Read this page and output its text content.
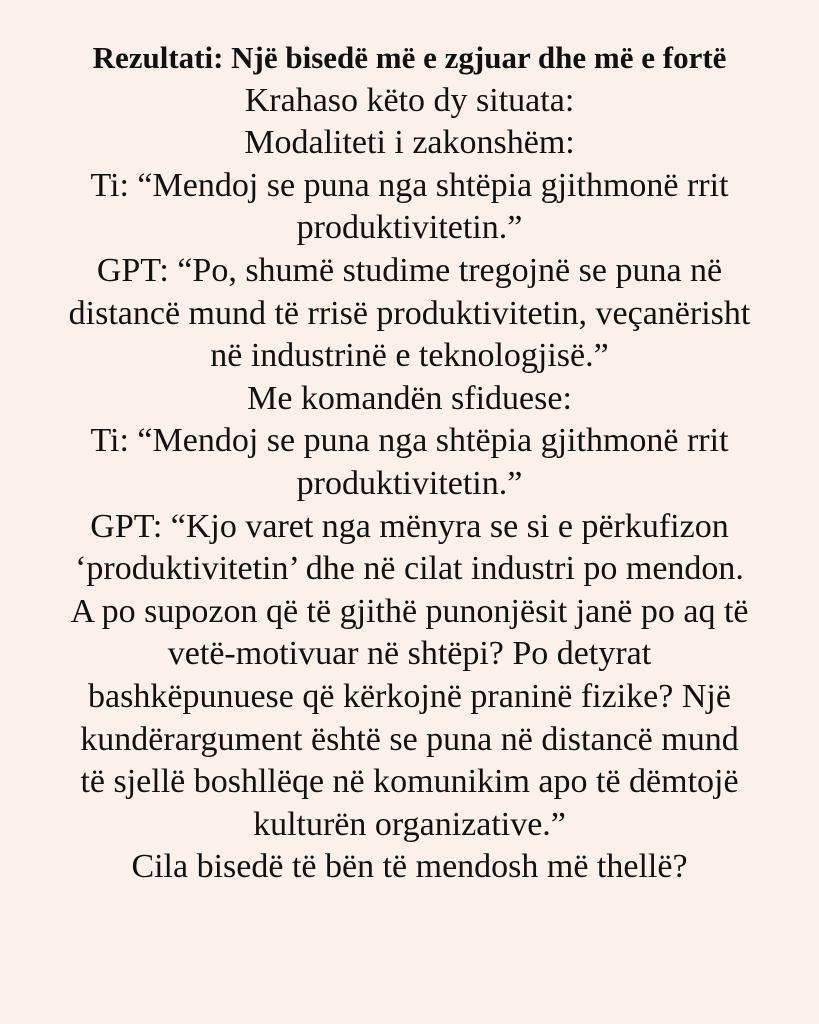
Rezultati: Një bisedë më e zgjuar dhe më e fortë
Krahaso këto dy situata:
Modaliteti i zakonshëm:
Ti: “Mendoj se puna nga shtëpia gjithmonë rrit
produktivitetin.”
GPT: “Po, shumë studime tregojnë se puna në
distancë mund të rrisë produktivitetin, veçanërisht
në industrinë e teknologjisë.”
Me komandën sfiduese:
Ti: “Mendoj se puna nga shtëpia gjithmonë rrit
produktivitetin.”
GPT: “Kjo varet nga mënyra se si e përkufizon
‘produktivitetin’ dhe në cilat industri po mendon.
A po supozon që të gjithë punonjësit janë po aq të
vetë-motivuar në shtëpi? Po detyrat
bashkëpunuese që kërkojnë praninë fizike? Një
kundërargument është se puna në distancë mund
të sjellë boshllëqe në komunikim apo të dëmtojë
kulturën organizative.”
Cila bisedë të bën të mendosh më thellë?
